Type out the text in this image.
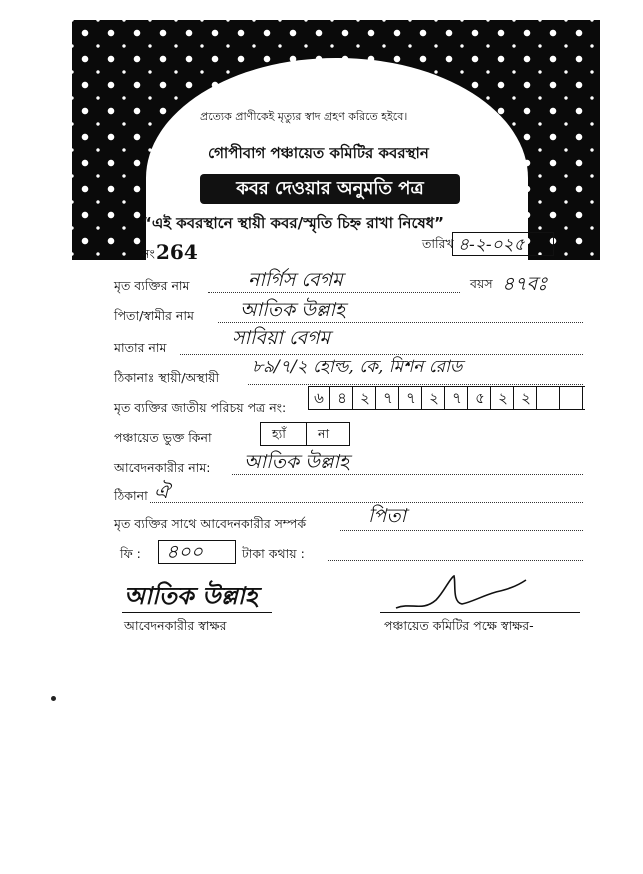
প্রত্যেক প্রাণীকেই মৃত্যুর স্বাদ গ্রহণ করিতে হইবে।
গোপীবাগ পঞ্চায়েত কমিটির কবরস্থান
কবর দেওয়ার অনুমতি পত্র
“এই কবরস্থানে স্থায়ী কবর/স্মৃতি চিহ্ন রাখা নিষেধ”
নং 264	তারিখ ৪-২-০২৫
মৃত ব্যক্তির নাম	নার্গিস বেগম	বয়স ৪৭বঃ
পিতা/স্বামীর নাম আতিক উল্লাহ
মাতার নাম	সাবিয়া বেগম
ঠিকানাঃ স্থায়ী/অস্থায়ী
৮৯/৭/২ হোল্ড, কে, মিশন রোড
মৃত ব্যক্তির জাতীয় পরিচয় পত্র নং:
৬ ৪ ২ ৭ ৭ ২ ৭ ৫ ২ ২
পঞ্চায়েত ভুক্ত কিনা	হ্যাঁ	না
আবেদনকারীর নাম: আতিক উল্লাহ
ঠিকানা ঐ
মৃত ব্যক্তির সাথে আবেদনকারীর সম্পর্ক	পিতা
ফি : ৪০০	টাকা কথায় :
আতিক উল্লাহ
আবেদনকারীর স্বাক্ষর	পঞ্চায়েত কমিটির পক্ষে স্বাক্ষর-
